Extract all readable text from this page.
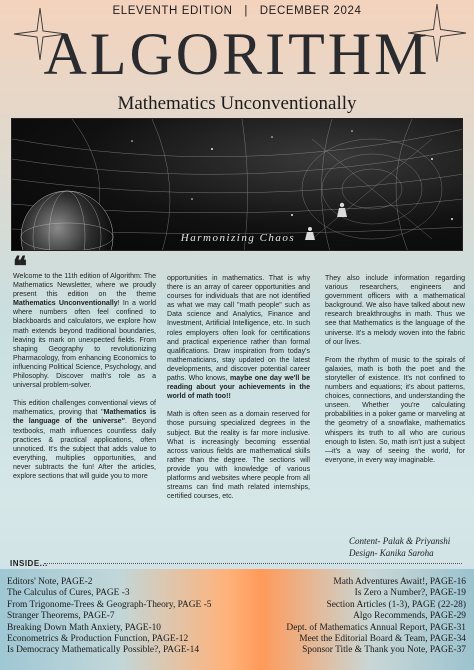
ELEVENTH EDITION | DECEMBER 2024
ALGORITHM
Mathematics Unconventionally
Harmonizing Chaos
❝

Welcome to the 11th edition of Algorithm: The Mathematics Newsletter, where we proudly present this edition on the theme Mathematics Unconventionally! In a world where numbers often feel confined to blackboards and calculators, we explore how math extends beyond traditional boundaries, leaving its mark on unexpected fields. From shaping Geography to revolutionizing Pharmacology, from enhancing Economics to influencing Political Science, Psychology, and Philosophy. Discover math's role as a universal problem-solver.

This edition challenges conventional views of mathematics, proving that "Mathematics is the language of the universe". Beyond textbooks, math influences countless daily practices & practical applications, often unnoticed. It's the subject that adds value to everything, multiplies opportunities, and never subtracts the fun! After the articles, explore sections that will guide you to more

opportunities in mathematics. That is why there is an array of career opportunities and courses for individuals that are not identified as what we may call "math people" such as Data science and Analytics, Finance and Investment, Artificial Intelligence, etc. In such roles employers often look for certifications and practical experience rather than formal qualifications. Draw inspiration from today's mathematicians, stay updated on the latest developments, and discover potential career paths. Who knows, maybe one day we'll be reading about your achievements in the world of math too!!

Math is often seen as a domain reserved for those pursuing specialized degrees in the subject. But the reality is far more inclusive. What is increasingly becoming essential across various fields are mathematical skills rather than the degree. The sections will provide you with knowledge of various platforms and websites where people from all streams can find math related internships, certified courses, etc.

They also include information regarding various researchers, engineers and government officers with a mathematical background. We also have talked about new research breakthroughs in math. Thus we see that Mathematics is the language of the universe. It's a melody woven into the fabric of our lives.

From the rhythm of music to the spirals of galaxies, math is both the poet and the storyteller of existence. It's not confined to numbers and equations; it's about patterns, choices, connections, and understanding the unseen. Whether you're calculating probabilities in a poker game or marveling at the geometry of a snowflake, mathematics whispers its truth to all who are curious enough to listen. So, math isn't just a subject—it's a way of seeing the world, for everyone, in every way imaginable.

Content- Palak & Priyanshi
Design- Kanika Saroha
INSIDE...
Editors' Note, PAGE-2
The Calculus of Cures, PAGE -3
From Trigonome-Trees & Geograph-Theory, PAGE -5
Stranger Theorems, PAGE-7
Breaking Down Math Anxiety, PAGE-10
Econometrics & Production Function, PAGE-12
Is Democracy Mathematically Possible?, PAGE-14
Math Adventures Await!, PAGE-16
Is Zero a Number?, PAGE-19
Section Articles (1-3), PAGE (22-28)
Algo Recommends, PAGE-29
Dept. of Mathematics Annual Report, PAGE-31
Meet the Editorial Board & Team, PAGE-34
Sponsor Title & Thank you Note, PAGE-37
